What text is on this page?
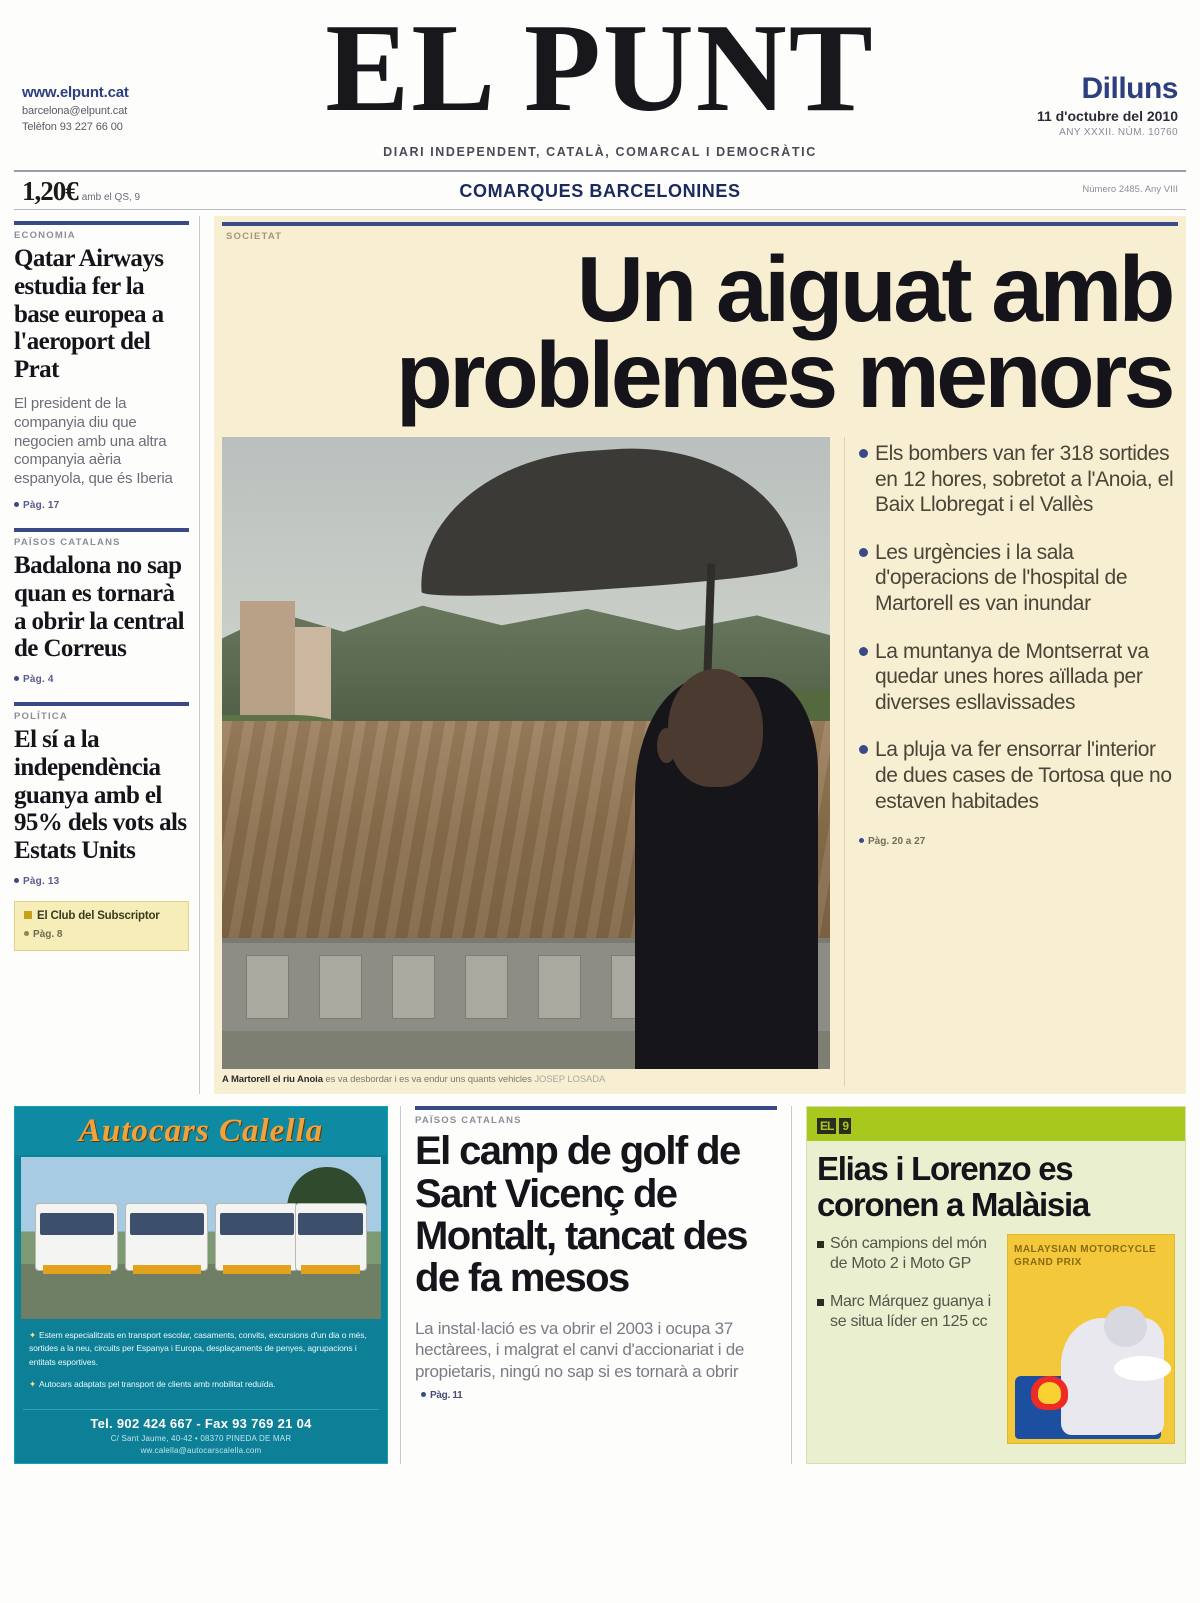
www.elpunt.cat
barcelona@elpunt.cat
Telèfon 93 227 66 00	EL PUNT
DIARI INDEPENDENT, CATALÀ, COMARCAL I DEMOCRÀTIC
Dilluns
11 d'octubre del 2010
ANY XXXII. NÚM. 10760
1,20€ amb el QS, 9	COMARQUES BARCELONINES	Número 2485. Any VIII
ECONOMIA
Qatar Airways estudia fer la base europea a l'aeroport del Prat

El president de la companyia diu que negocien amb una altra companyia aèria espanyola, que és Iberia

Pàg. 17
PAÏSOS CATALANS
Badalona no sap quan es tornarà a obrir la central de Correus
Pàg. 4
POLÍTICA
El sí a la independència guanya amb el 95% dels vots als Estats Units
Pàg. 13
El Club del Subscriptor
Pàg. 8
SOCIETAT
Un aiguat amb
problemes menors
A Martorell el riu Anoia es va desbordar i es va endur uns quants vehicles JOSEP LOSADA
Els bombers van fer 318 sortides en 12 hores, sobretot a l'Anoia, el Baix Llobregat i el Vallès
Les urgències i la sala d'operacions de l'hospital de Martorell es van inundar
La muntanya de Montserrat va quedar unes hores aïllada per diverses esllavissades
La pluja va fer ensorrar l'interior de dues cases de Tortosa que no estaven habitades
Pàg. 20 a 27
Autocars Calella

✦ Estem especialitzats en transport escolar, casaments, convits, excursions d'un dia o més, sortides a la neu, circuits per Espanya i Europa, desplaçaments de penyes, agrupacions i entitats esportives.

✦ Autocars adaptats pel transport de clients amb mobilitat reduïda.

Tel. 902 424 667 - Fax 93 769 21 04
C/ Sant Jaume, 40-42 • 08370 PINEDA DE MAR
ww.calella@autocarscalella.com
PAÏSOS CATALANS
El camp de golf de Sant Vicenç de Montalt, tancat des de fa mesos

La instal·lació es va obrir el 2003 i ocupa 37 hectàrees, i malgrat el canvi d'accionariat i de propietaris, ningú no sap si es tornarà a obrirPàg. 11

EL 9
Elias i Lorenzo es coronen a Malàisia
Són campions del món de Moto 2 i Moto GP
Marc Márquez guanya i se situa líder en 125 cc
MALAYSIAN MOTORCYCLE GRAND PRIX
